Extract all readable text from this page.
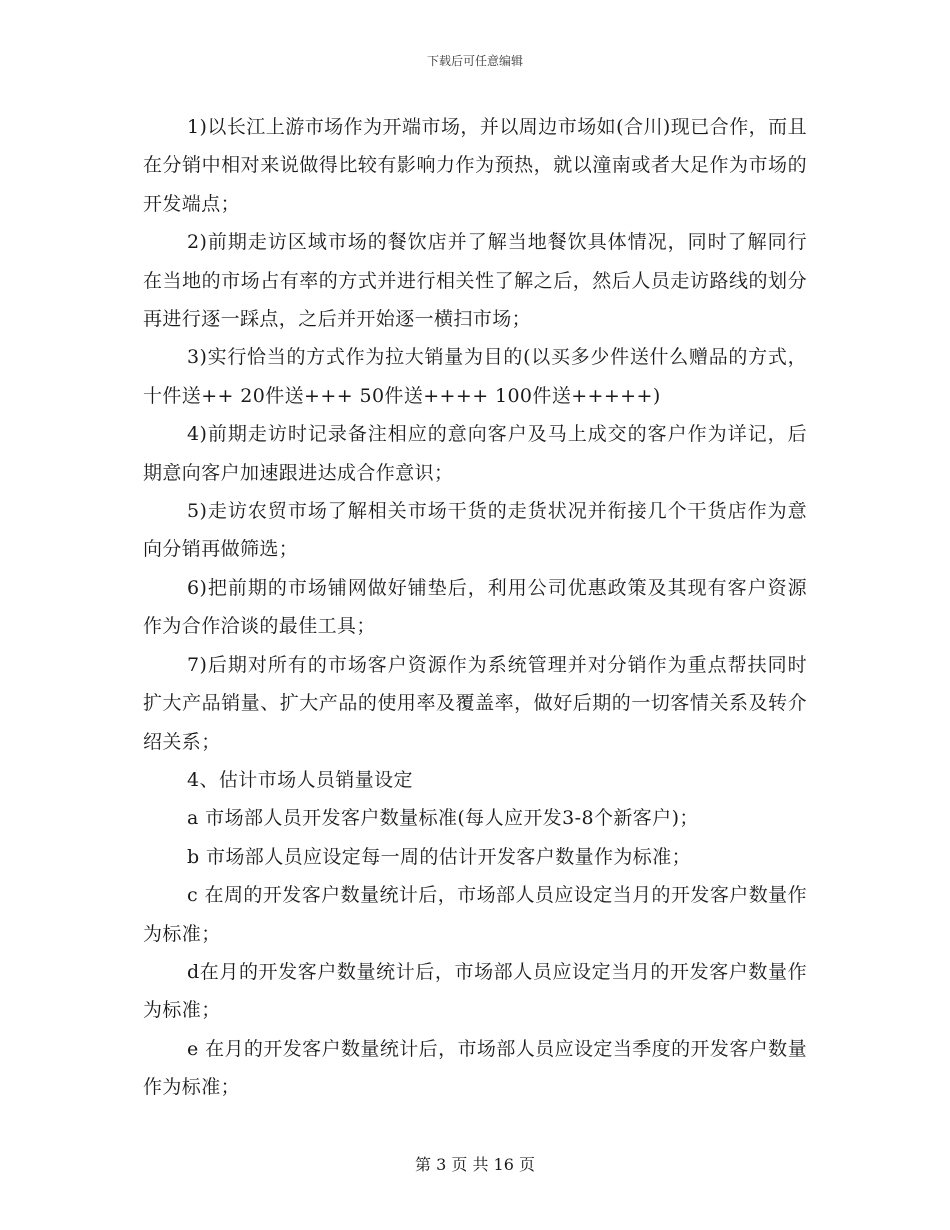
下载后可任意编辑

1)以长江上游市场作为开端市场，并以周边市场如(合川)现已合作，而且在分销中相对来说做得比较有影响力作为预热，就以潼南或者大足作为市场的开发端点；

2)前期走访区域市场的餐饮店并了解当地餐饮具体情况，同时了解同行在当地的市场占有率的方式并进行相关性了解之后，然后人员走访路线的划分再进行逐一踩点，之后并开始逐一横扫市场；

3)实行恰当的方式作为拉大销量为目的(以买多少件送什么赠品的方式，十件送++ 20件送+++ 50件送++++ 100件送+++++)

4)前期走访时记录备注相应的意向客户及马上成交的客户作为详记，后期意向客户加速跟进达成合作意识；

5)走访农贸市场了解相关市场干货的走货状况并衔接几个干货店作为意向分销再做筛选；

6)把前期的市场铺网做好铺垫后，利用公司优惠政策及其现有客户资源作为合作洽谈的最佳工具；

7)后期对所有的市场客户资源作为系统管理并对分销作为重点帮扶同时扩大产品销量、扩大产品的使用率及覆盖率，做好后期的一切客情关系及转介绍关系；

4、估计市场人员销量设定

a 市场部人员开发客户数量标准(每人应开发3-8个新客户)；

b 市场部人员应设定每一周的估计开发客户数量作为标准；

c 在周的开发客户数量统计后，市场部人员应设定当月的开发客户数量作为标准；

d在月的开发客户数量统计后，市场部人员应设定当月的开发客户数量作为标准；

e 在月的开发客户数量统计后，市场部人员应设定当季度的开发客户数量作为标准；

第 3 页 共 16 页
